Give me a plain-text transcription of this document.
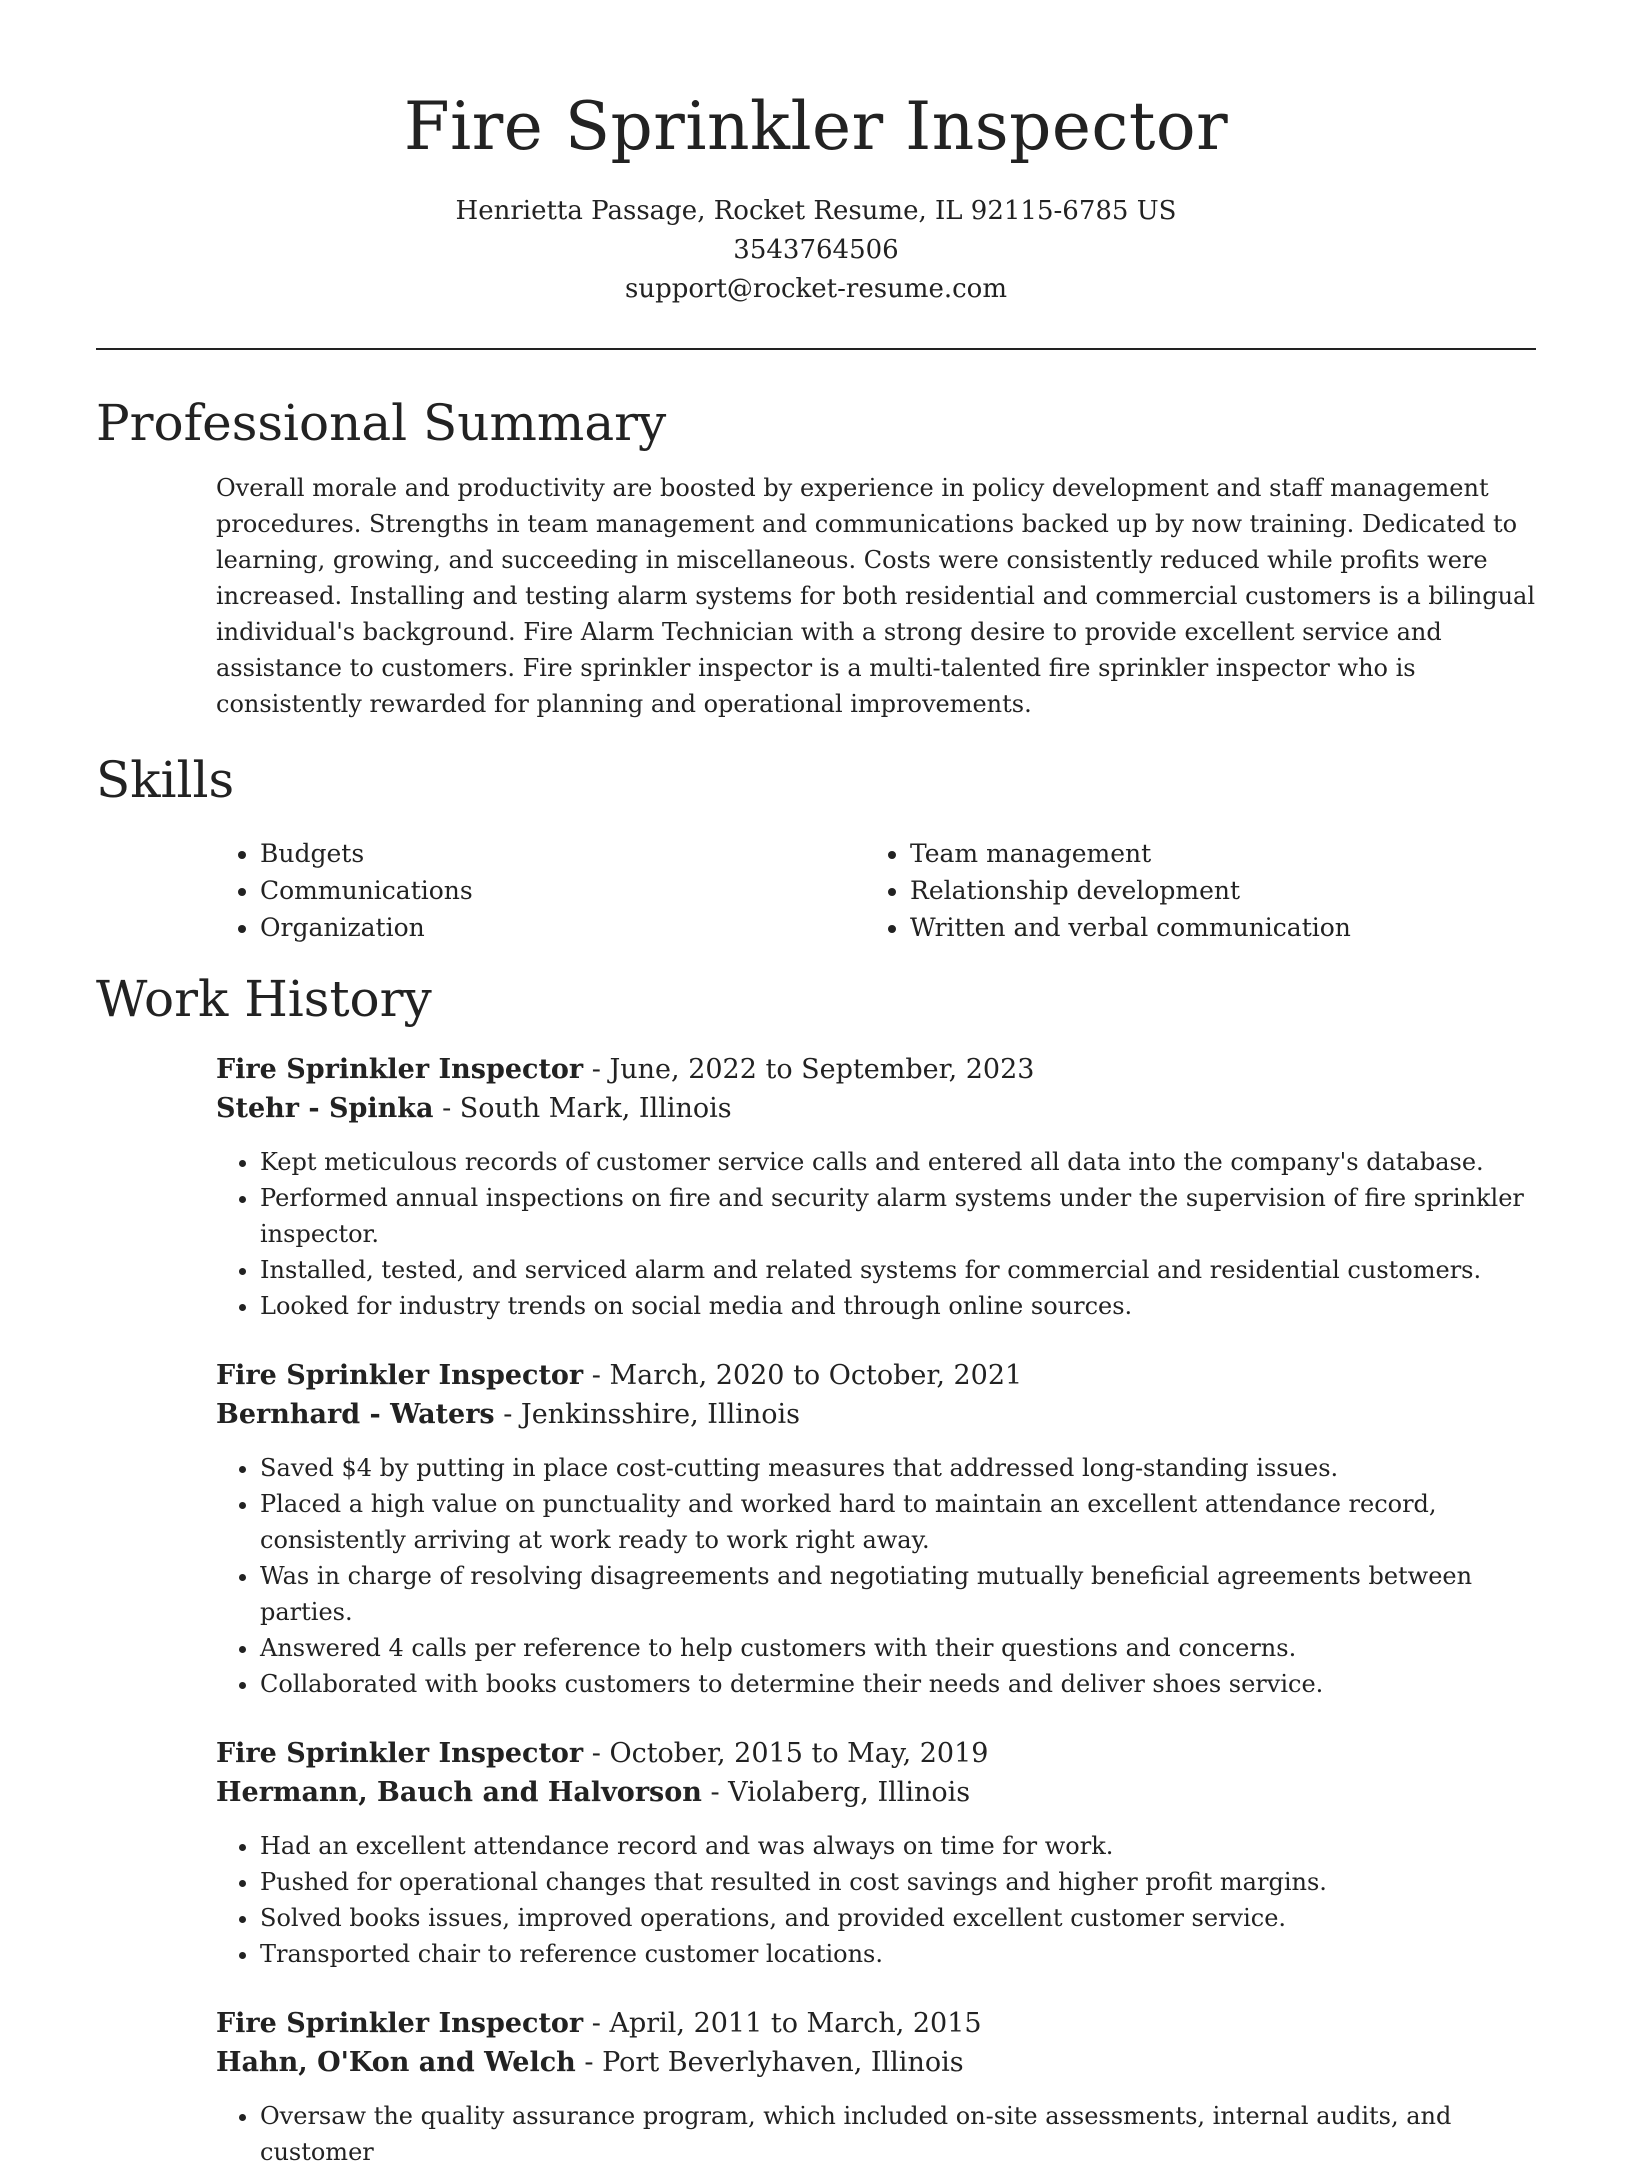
Fire Sprinkler Inspector
Henrietta Passage, Rocket Resume, IL 92115-6785 US
3543764506
support@rocket-resume.com
Professional Summary

Overall morale and productivity are boosted by experience in policy development and staff management procedures. Strengths in team management and communications backed up by now training. Dedicated to learning, growing, and succeeding in miscellaneous. Costs were consistently reduced while profits were increased. Installing and testing alarm systems for both residential and commercial customers is a bilingual individual's background. Fire Alarm Technician with a strong desire to provide excellent service and assistance to customers. Fire sprinkler inspector is a multi-talented fire sprinkler inspector who is consistently rewarded for planning and operational improvements.

Skills
• Budgets
• Communications
• Organization
• Team management
• Relationship development
• Written and verbal communication
Work History
Fire Sprinkler Inspector - June, 2022 to September, 2023
Stehr - Spinka - South Mark, Illinois
• Kept meticulous records of customer service calls and entered all data into the company's database.
• Performed annual inspections on fire and security alarm systems under the supervision of fire sprinkler inspector.
• Installed, tested, and serviced alarm and related systems for commercial and residential customers.
• Looked for industry trends on social media and through online sources.
Fire Sprinkler Inspector - March, 2020 to October, 2021
Bernhard - Waters - Jenkinsshire, Illinois
• Saved $4 by putting in place cost-cutting measures that addressed long-standing issues.
• Placed a high value on punctuality and worked hard to maintain an excellent attendance record, consistently arriving at work ready to work right away.
• Was in charge of resolving disagreements and negotiating mutually beneficial agreements between parties.
• Answered 4 calls per reference to help customers with their questions and concerns.
• Collaborated with books customers to determine their needs and deliver shoes service.
Fire Sprinkler Inspector - October, 2015 to May, 2019
Hermann, Bauch and Halvorson - Violaberg, Illinois
• Had an excellent attendance record and was always on time for work.
• Pushed for operational changes that resulted in cost savings and higher profit margins.
• Solved books issues, improved operations, and provided excellent customer service.
• Transported chair to reference customer locations.
Fire Sprinkler Inspector - April, 2011 to March, 2015
Hahn, O'Kon and Welch - Port Beverlyhaven, Illinois
• Oversaw the quality assurance program, which included on-site assessments, internal audits, and customer
